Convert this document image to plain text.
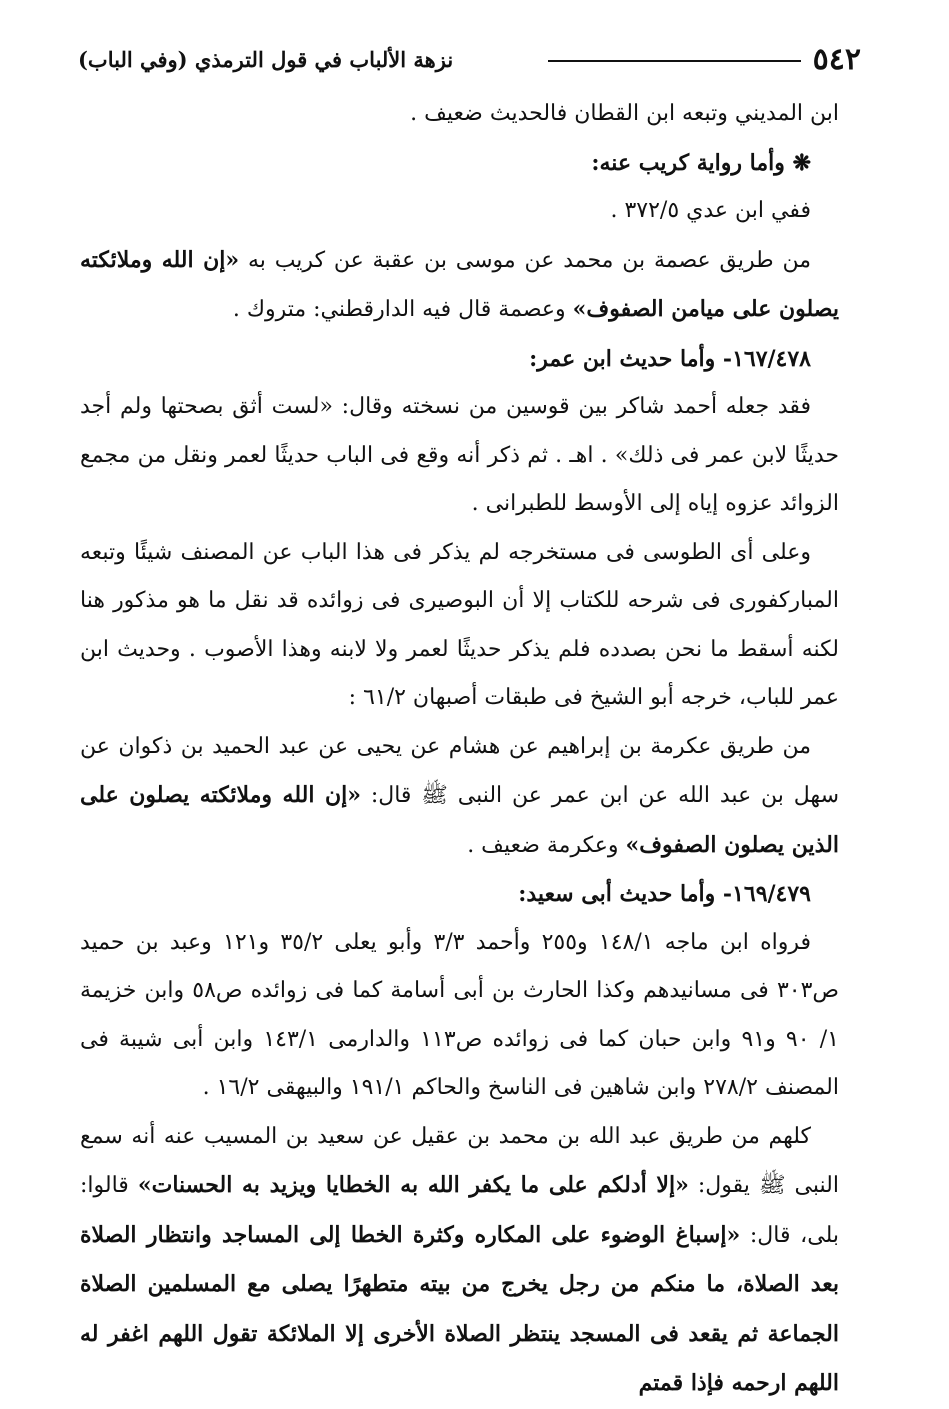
٥٤٢
نزهة الألباب في قول الترمذي (وفي الباب)

ابن المديني وتبعه ابن القطان فالحديث ضعيف .

❋ وأما رواية كريب عنه:

ففي ابن عدي ٣٧٢/٥ .

من طريق عصمة بن محمد عن موسى بن عقبة عن كريب به «إن الله وملائكته يصلون على ميامن الصفوف» وعصمة قال فيه الدارقطني: متروك .

١٦٧/٤٧٨- وأما حديث ابن عمر:

فقد جعله أحمد شاكر بين قوسين من نسخته وقال: «لست أثق بصحتها ولم أجد حديثًا لابن عمر فى ذلك» . اهـ . ثم ذكر أنه وقع فى الباب حديثًا لعمر ونقل من مجمع الزوائد عزوه إياه إلى الأوسط للطبرانى .

وعلى أى الطوسى فى مستخرجه لم يذكر فى هذا الباب عن المصنف شيئًا وتبعه المباركفورى فى شرحه للكتاب إلا أن البوصيرى فى زوائده قد نقل ما هو مذكور هنا لكنه أسقط ما نحن بصدده فلم يذكر حديثًا لعمر ولا لابنه وهذا الأصوب . وحديث ابن عمر للباب، خرجه أبو الشيخ فى طبقات أصبهان ٦١/٢ :

من طريق عكرمة بن إبراهيم عن هشام عن يحيى عن عبد الحميد بن ذكوان عن سهل بن عبد الله عن ابن عمر عن النبى ﷺ قال: «إن الله وملائكته يصلون على الذين يصلون الصفوف» وعكرمة ضعيف .

١٦٩/٤٧٩- وأما حديث أبى سعيد:

فرواه ابن ماجه ١٤٨/١ و٢٥٥ وأحمد ٣/٣ وأبو يعلى ٣٥/٢ و١٢١ وعبد بن حميد ص٣٠٣ فى مسانيدهم وكذا الحارث بن أبى أسامة كما فى زوائده ص٥٨ وابن خزيمة ١/ ٩٠ و٩١ وابن حبان كما فى زوائده ص١١٣ والدارمى ١٤٣/١ وابن أبى شيبة فى المصنف ٢٧٨/٢ وابن شاهين فى الناسخ والحاكم ١٩١/١ والبيهقى ١٦/٢ .

كلهم من طريق عبد الله بن محمد بن عقيل عن سعيد بن المسيب عنه أنه سمع النبى ﷺ يقول: «إلا أدلكم على ما يكفر الله به الخطايا ويزيد به الحسنات» قالوا: بلى، قال: «إسباغ الوضوء على المكاره وكثرة الخطا إلى المساجد وانتظار الصلاة بعد الصلاة، ما منكم من رجل يخرج من بيته متطهرًا يصلى مع المسلمين الصلاة الجماعة ثم يقعد فى المسجد ينتظر الصلاة الأخرى إلا الملائكة تقول اللهم اغفر له اللهم ارحمه فإذا قمتم
